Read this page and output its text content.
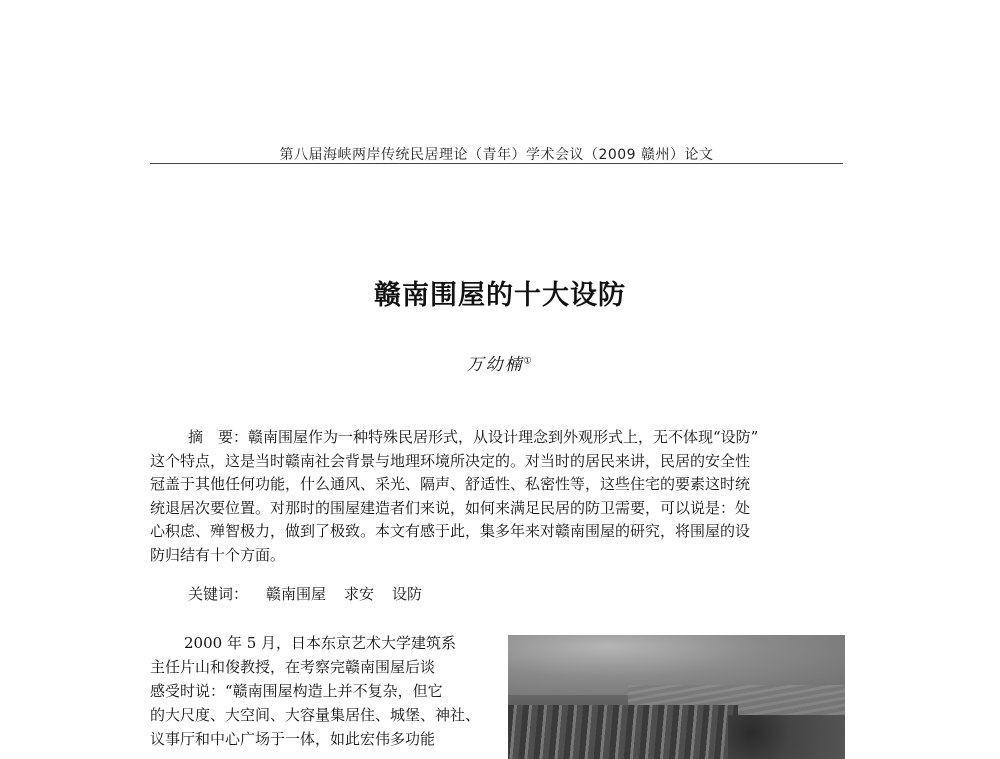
第八届海峡两岸传统民居理论（青年）学术会议（2009 赣州）论文
赣南围屋的十大设防
万幼楠①
摘　要：赣南围屋作为一种特殊民居形式，从设计理念到外观形式上，无不体现“设防”
这个特点，这是当时赣南社会背景与地理环境所决定的。对当时的居民来讲，民居的安全性
冠盖于其他任何功能，什么通风、采光、隔声、舒适性、私密性等，这些住宅的要素这时统
统退居次要位置。对那时的围屋建造者们来说，如何来满足民居的防卫需要，可以说是：处
心积虑、殚智极力，做到了极致。本文有感于此，集多年来对赣南围屋的研究，将围屋的设
防归结有十个方面。
关键词： 赣南围屋 求安 设防
2000 年 5 月，日本东京艺术大学建筑系
主任片山和俊教授，在考察完赣南围屋后谈
感受时说：“赣南围屋构造上并不复杂，但它
的大尺度、大空间、大容量集居住、城堡、神社、
议事厅和中心广场于一体，如此宏伟多功能
